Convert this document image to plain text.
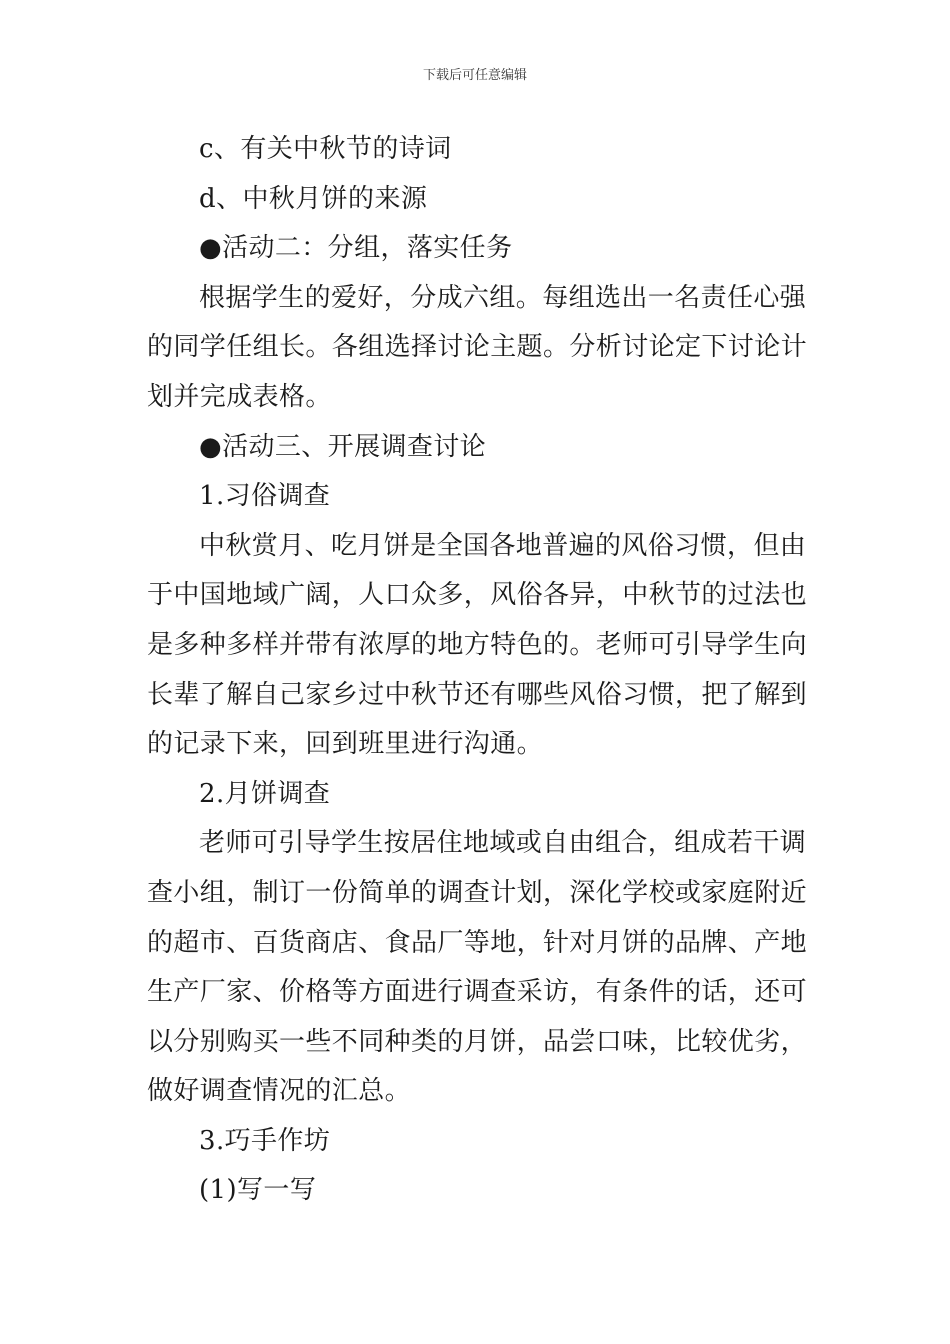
下载后可任意编辑
c、有关中秋节的诗词
d、中秋月饼的来源
●活动二：分组，落实任务
根据学生的爱好，分成六组。每组选出一名责任心强
的同学任组长。各组选择讨论主题。分析讨论定下讨论计
划并完成表格。
●活动三、开展调查讨论
1.习俗调查
中秋赏月、吃月饼是全国各地普遍的风俗习惯，但由
于中国地域广阔，人口众多，风俗各异，中秋节的过法也
是多种多样并带有浓厚的地方特色的。老师可引导学生向
长辈了解自己家乡过中秋节还有哪些风俗习惯，把了解到
的记录下来，回到班里进行沟通。
2.月饼调查
老师可引导学生按居住地域或自由组合，组成若干调
查小组，制订一份简单的调查计划，深化学校或家庭附近
的超市、百货商店、食品厂等地，针对月饼的品牌、产地
生产厂家、价格等方面进行调查采访，有条件的话，还可
以分别购买一些不同种类的月饼，品尝口味，比较优劣，
做好调查情况的汇总。
3.巧手作坊
(1)写一写
